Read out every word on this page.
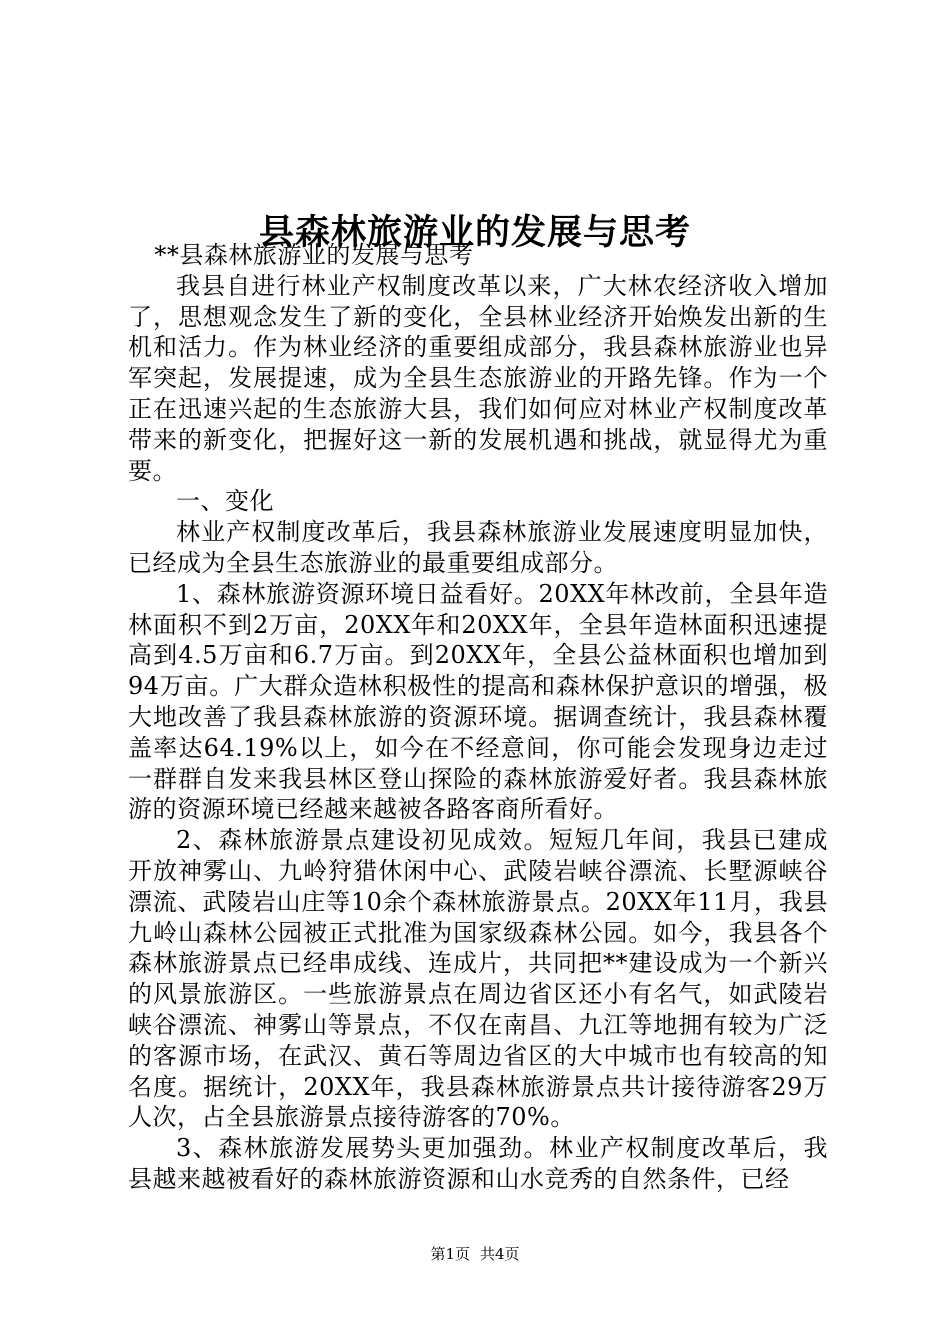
县森林旅游业的发展与思考

**县森林旅游业的发展与思考

我县自进行林业产权制度改革以来，广大林农经济收入增加了，思想观念发生了新的变化，全县林业经济开始焕发出新的生机和活力。作为林业经济的重要组成部分，我县森林旅游业也异军突起，发展提速，成为全县生态旅游业的开路先锋。作为一个正在迅速兴起的生态旅游大县，我们如何应对林业产权制度改革带来的新变化，把握好这一新的发展机遇和挑战，就显得尤为重要。

一、变化

林业产权制度改革后，我县森林旅游业发展速度明显加快，已经成为全县生态旅游业的最重要组成部分。

1、森林旅游资源环境日益看好。20XX年林改前，全县年造林面积不到2万亩，20XX年和20XX年，全县年造林面积迅速提高到4.5万亩和6.7万亩。到20XX年，全县公益林面积也增加到94万亩。广大群众造林积极性的提高和森林保护意识的增强，极大地改善了我县森林旅游的资源环境。据调查统计，我县森林覆盖率达64.19%以上，如今在不经意间，你可能会发现身边走过一群群自发来我县林区登山探险的森林旅游爱好者。我县森林旅游的资源环境已经越来越被各路客商所看好。

2、森林旅游景点建设初见成效。短短几年间，我县已建成开放神雾山、九岭狩猎休闲中心、武陵岩峡谷漂流、长墅源峡谷漂流、武陵岩山庄等10余个森林旅游景点。20XX年11月，我县九岭山森林公园被正式批准为国家级森林公园。如今，我县各个森林旅游景点已经串成线、连成片，共同把**建设成为一个新兴的风景旅游区。一些旅游景点在周边省区还小有名气，如武陵岩峡谷漂流、神雾山等景点，不仅在南昌、九江等地拥有较为广泛的客源市场，在武汉、黄石等周边省区的大中城市也有较高的知名度。据统计，20XX年，我县森林旅游景点共计接待游客29万人次，占全县旅游景点接待游客的70%。

3、森林旅游发展势头更加强劲。林业产权制度改革后，我县越来越被看好的森林旅游资源和山水竞秀的自然条件，已经

第1页 共4页
